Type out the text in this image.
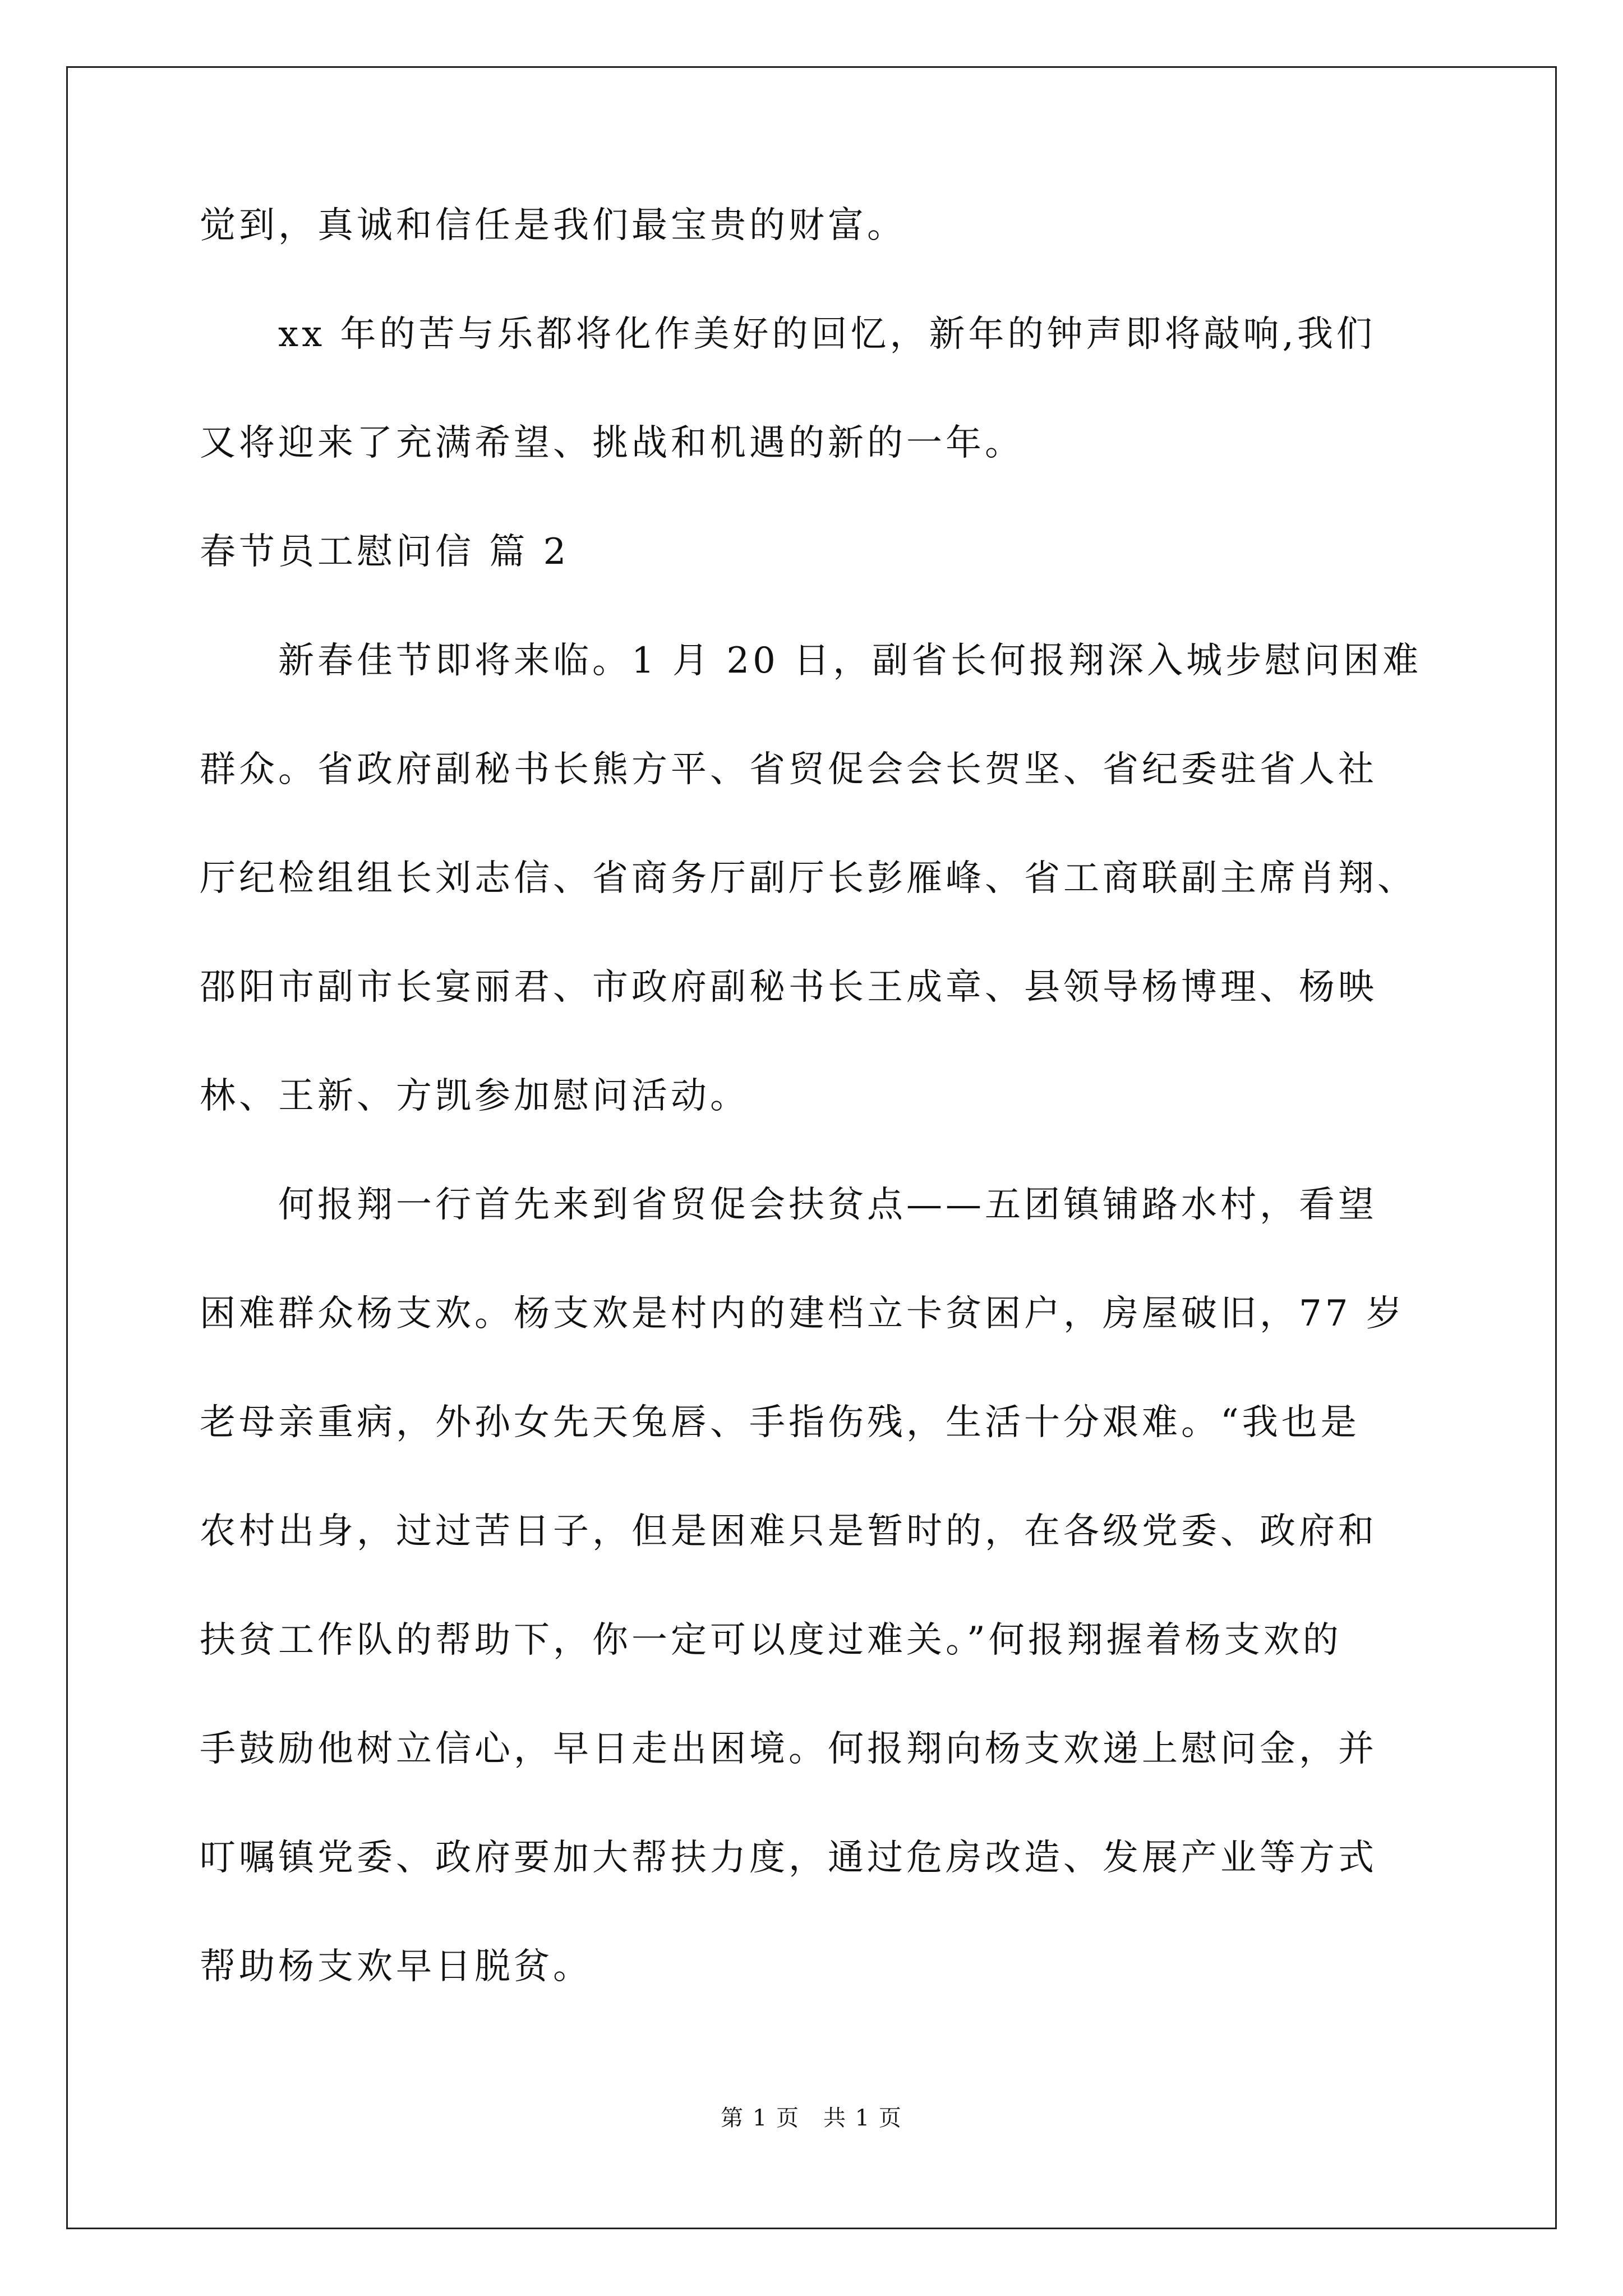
觉到，真诚和信任是我们最宝贵的财富。
　　xx 年的苦与乐都将化作美好的回忆，新年的钟声即将敲响,我们
又将迎来了充满希望、挑战和机遇的新的一年。
春节员工慰问信 篇 2
　　新春佳节即将来临。1 月 20 日，副省长何报翔深入城步慰问困难
群众。省政府副秘书长熊方平、省贸促会会长贺坚、省纪委驻省人社
厅纪检组组长刘志信、省商务厅副厅长彭雁峰、省工商联副主席肖翔、
邵阳市副市长宴丽君、市政府副秘书长王成章、县领导杨博理、杨映
林、王新、方凯参加慰问活动。
　　何报翔一行首先来到省贸促会扶贫点——五团镇铺路水村，看望
困难群众杨支欢。杨支欢是村内的建档立卡贫困户，房屋破旧，77 岁
老母亲重病，外孙女先天兔唇、手指伤残，生活十分艰难。“我也是
农村出身，过过苦日子，但是困难只是暂时的，在各级党委、政府和
扶贫工作队的帮助下，你一定可以度过难关。”何报翔握着杨支欢的
手鼓励他树立信心，早日走出困境。何报翔向杨支欢递上慰问金，并
叮嘱镇党委、政府要加大帮扶力度，通过危房改造、发展产业等方式
帮助杨支欢早日脱贫。
第 1 页　共 1 页
